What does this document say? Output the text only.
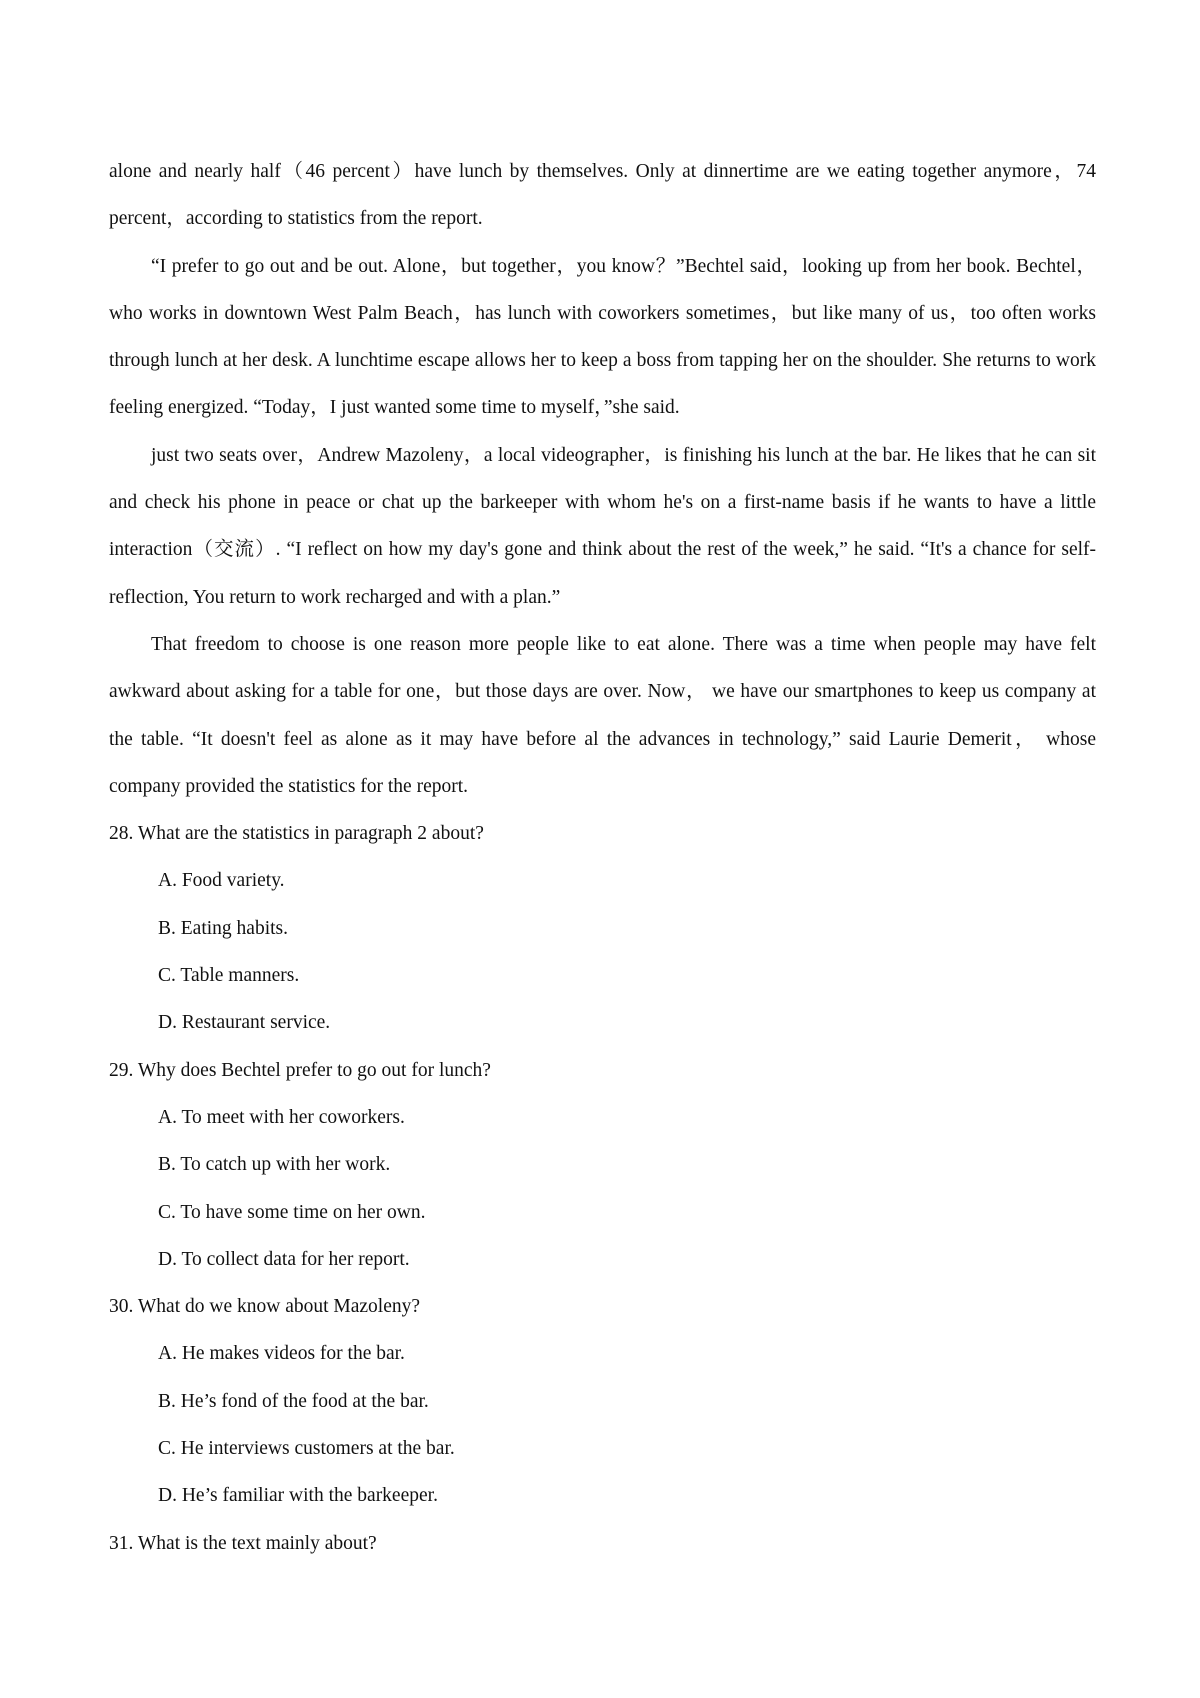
alone and nearly half（46 percent）have lunch by themselves. Only at dinnertime are we eating together anymore，74 percent，according to statistics from the report.

“I prefer to go out and be out. Alone，but together，you know？”Bechtel said，looking up from her book. Bechtel， who works in downtown West Palm Beach，has lunch with coworkers sometimes，but like many of us，too often works through lunch at her desk. A lunchtime escape allows her to keep a boss from tapping her on the shoulder. She returns to work feeling energized. “Today，I just wanted some time to myself，”she said.

just two seats over，Andrew Mazoleny，a local videographer，is finishing his lunch at the bar. He likes that he can sit and check his phone in peace or chat up the barkeeper with whom he's on a first-name basis if he wants to have a little interaction（交流）. “I reflect on how my day's gone and think about the rest of the week,” he said. “It's a chance for self-reflection, You return to work recharged and with a plan.”

That freedom to choose is one reason more people like to eat alone. There was a time when people may have felt awkward about asking for a table for one，but those days are over. Now， we have our smartphones to keep us company at the table. “It doesn't feel as alone as it may have before al the advances in technology,” said Laurie Demerit， whose company provided the statistics for the report.

28. What are the statistics in paragraph 2 about?

A. Food variety.

B. Eating habits.

C. Table manners.

D. Restaurant service.

29. Why does Bechtel prefer to go out for lunch?

A. To meet with her coworkers.

B. To catch up with her work.

C. To have some time on her own.

D. To collect data for her report.

30. What do we know about Mazoleny?

A. He makes videos for the bar.

B. He’s fond of the food at the bar.

C. He interviews customers at the bar.

D. He’s familiar with the barkeeper.

31. What is the text mainly about?
